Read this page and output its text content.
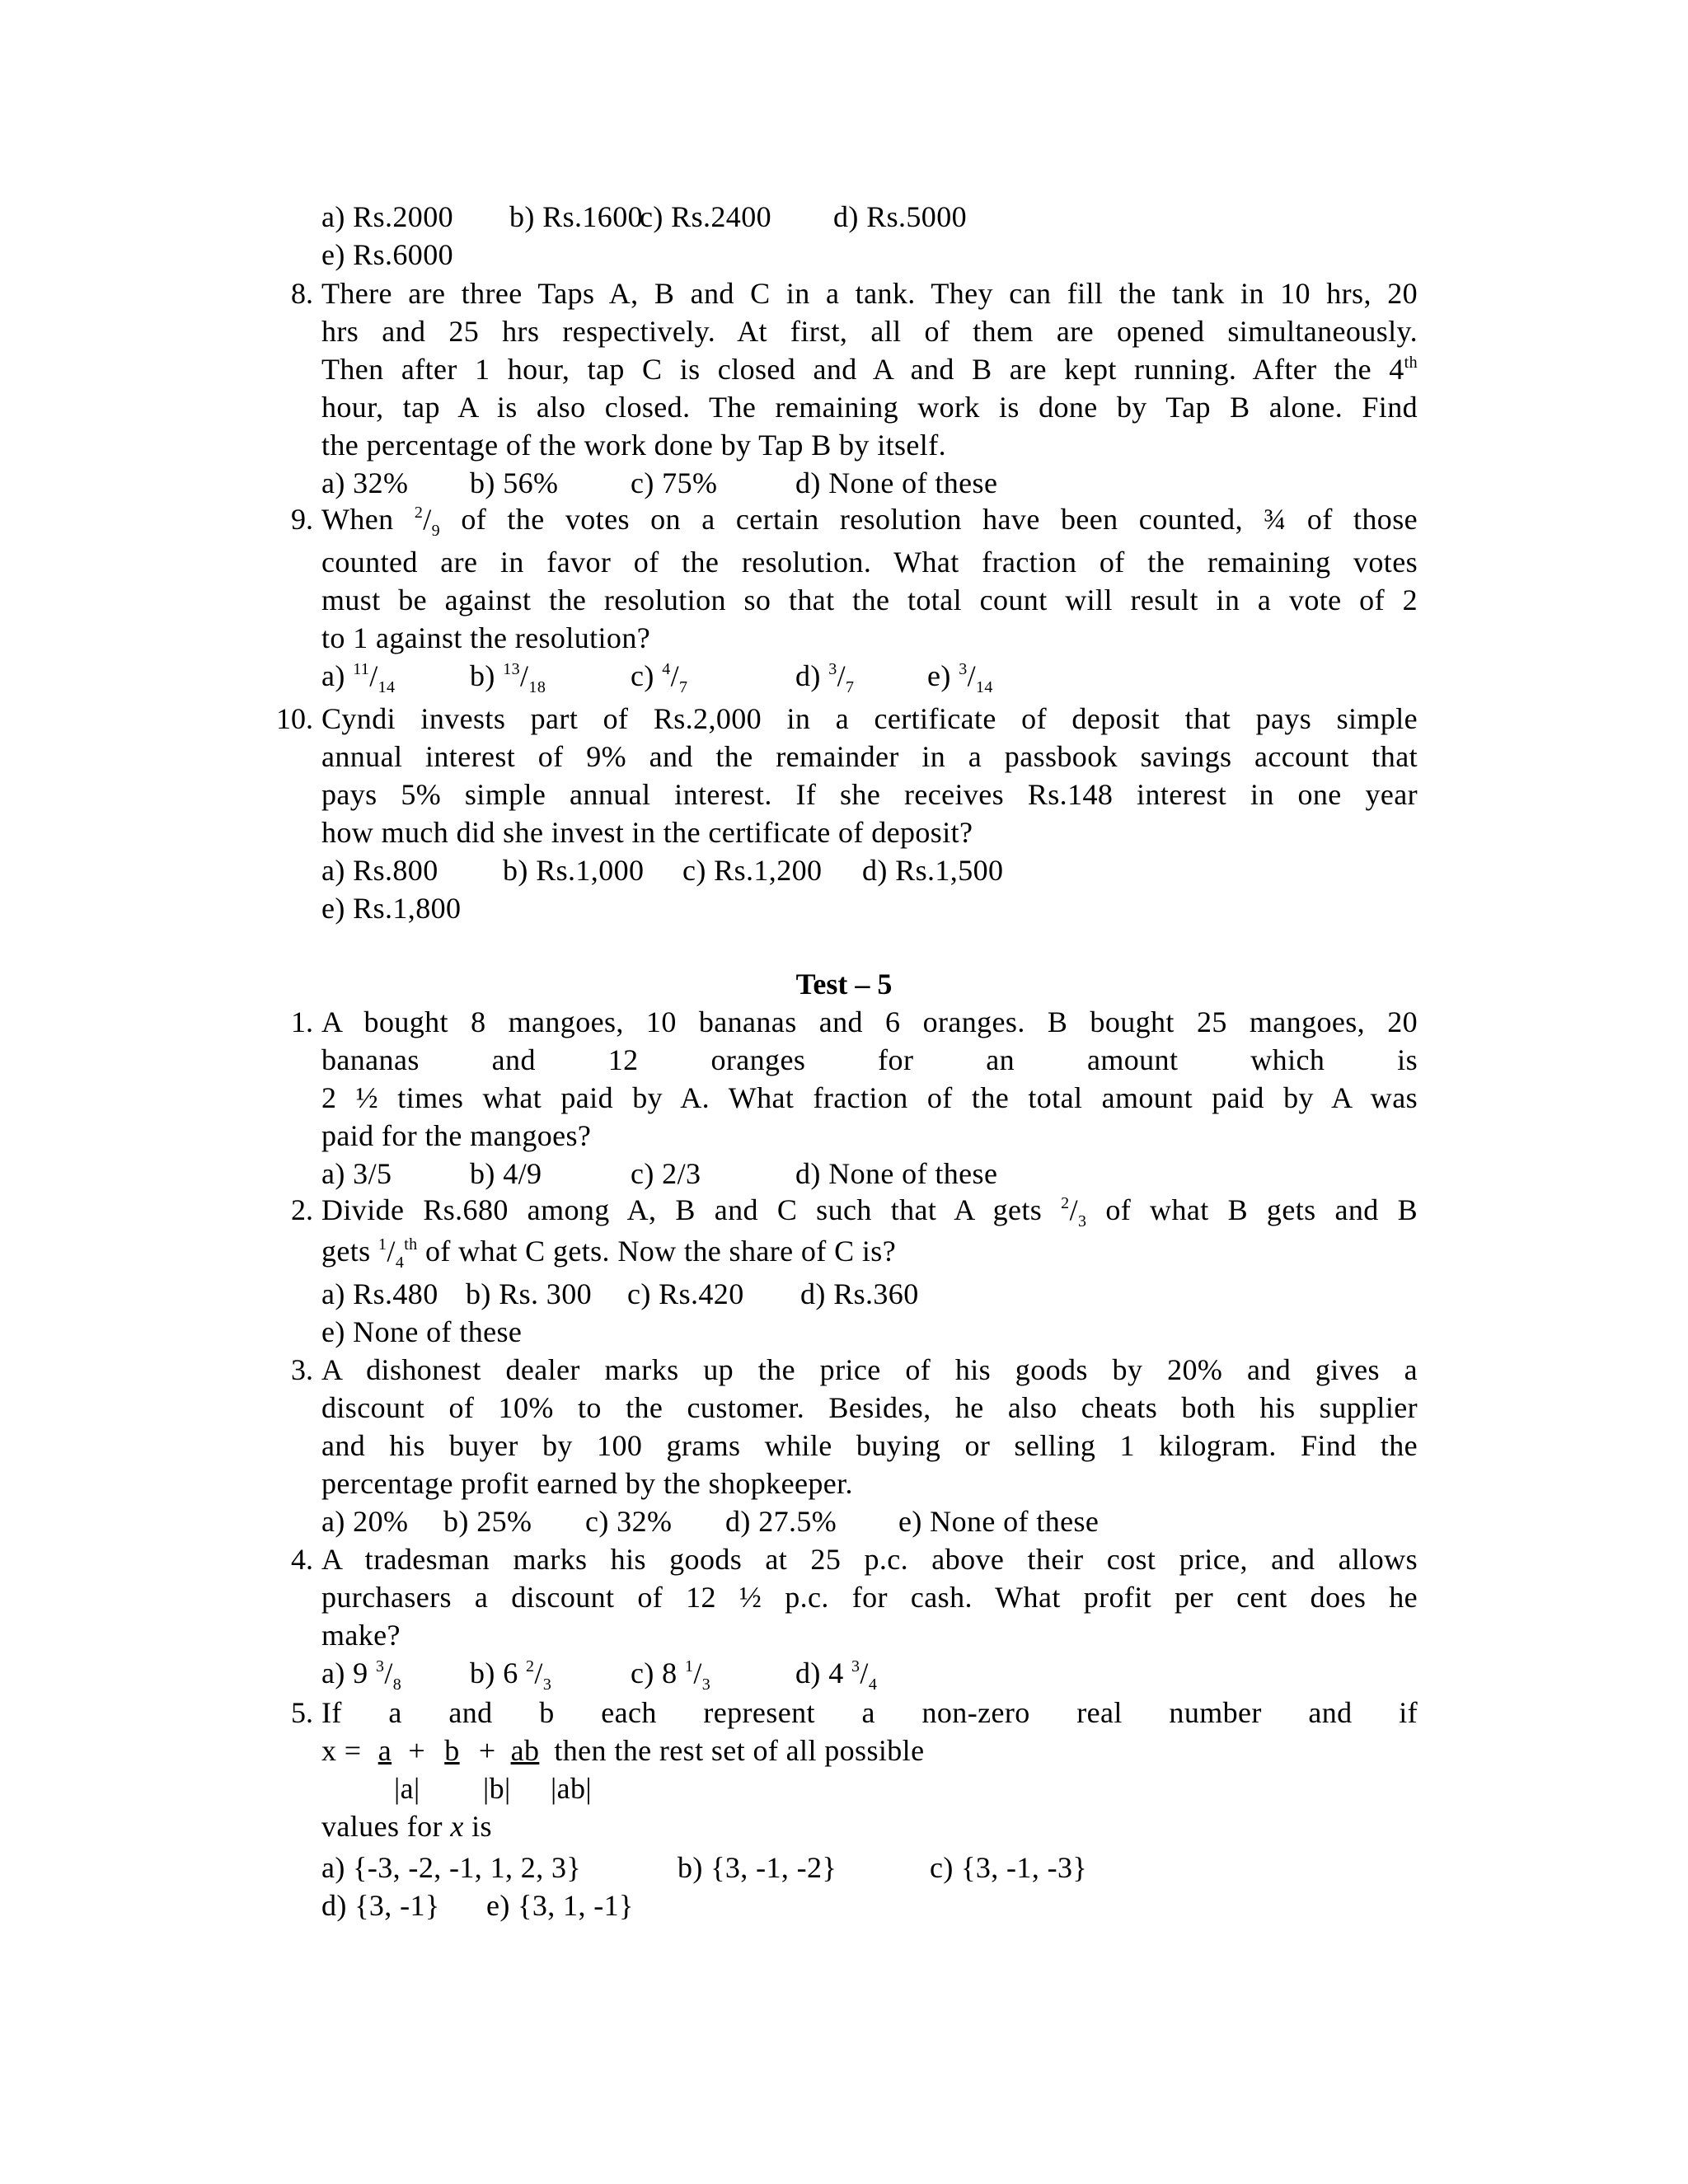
a) Rs.2000 b) Rs.1600c) Rs.2400 d) Rs.5000
e) Rs.6000
8. There are three Taps A, B and C in a tank. They can fill the tank in 10 hrs, 20
hrs and 25 hrs respectively. At first, all of them are opened simultaneously.
Then after 1 hour, tap C is closed and A and B are kept running. After the 4th
hour, tap A is also closed. The remaining work is done by Tap B alone. Find
the percentage of the work done by Tap B by itself.
a) 32% b) 56% c) 75%	d) None of these
9. When $^2/_9$ of the votes on a certain resolution have been counted, ¾ of those
counted are in favor of the resolution. What fraction of the remaining votes
must be against the resolution so that the total count will result in a vote of 2
to 1 against the resolution?
a) $^{11}/_{14}$	b) $^{13}/_{18}$	c) $^4/_7$	d) $^3/_7$ e) $^3/_{14}$
10. Cyndi invests part of Rs.2,000 in a certificate of deposit that pays simple
annual interest of 9% and the remainder in a passbook savings account that
pays 5% simple annual interest. If she receives Rs.148 interest in one year
how much did she invest in the certificate of deposit?
a) Rs.800 b) Rs.1,000 c) Rs.1,200 d) Rs.1,500
e) Rs.1,800
Test – 5
1. A bought 8 mangoes, 10 bananas and 6 oranges. B bought 25 mangoes, 20
bananas and 12 oranges for an amount which is
2 ½ times what paid by A. What fraction of the total amount paid by A was
paid for the mangoes?
a) 3/5	b) 4/9	c) 2/3	d) None of these
2. Divide Rs.680 among A, B and C such that A gets $^2/_3$ of what B gets and B
gets $^1/_4^{th}$ of what C gets. Now the share of C is?
a) Rs.480 b) Rs. 300 c) Rs.420 d) Rs.360
e) None of these
3. A dishonest dealer marks up the price of his goods by 20% and gives a
discount of 10% to the customer. Besides, he also cheats both his supplier
and his buyer by 100 grams while buying or selling 1 kilogram. Find the
percentage profit earned by the shopkeeper.
a) 20% b) 25% c) 32% d) 27.5% e) None of these
4. A tradesman marks his goods at 25 p.c. above their cost price, and allows
purchasers a discount of 12 ½ p.c. for cash. What profit per cent does he
make?
a) 9 $^3/_8$ b) 6 $^2/_3$	c) 8 $^1/_3$	d) 4 $^3/_4$
5. If a and b each represent a non-zero real number and if
x = a + b + ab then the rest set of all possible
|a| |b| |ab|
values for x is
a) {-3, -2, -1, 1, 2, 3}	b) {3, -1, -2}	c) {3, -1, -3}
d) {3, -1} e) {3, 1, -1}
